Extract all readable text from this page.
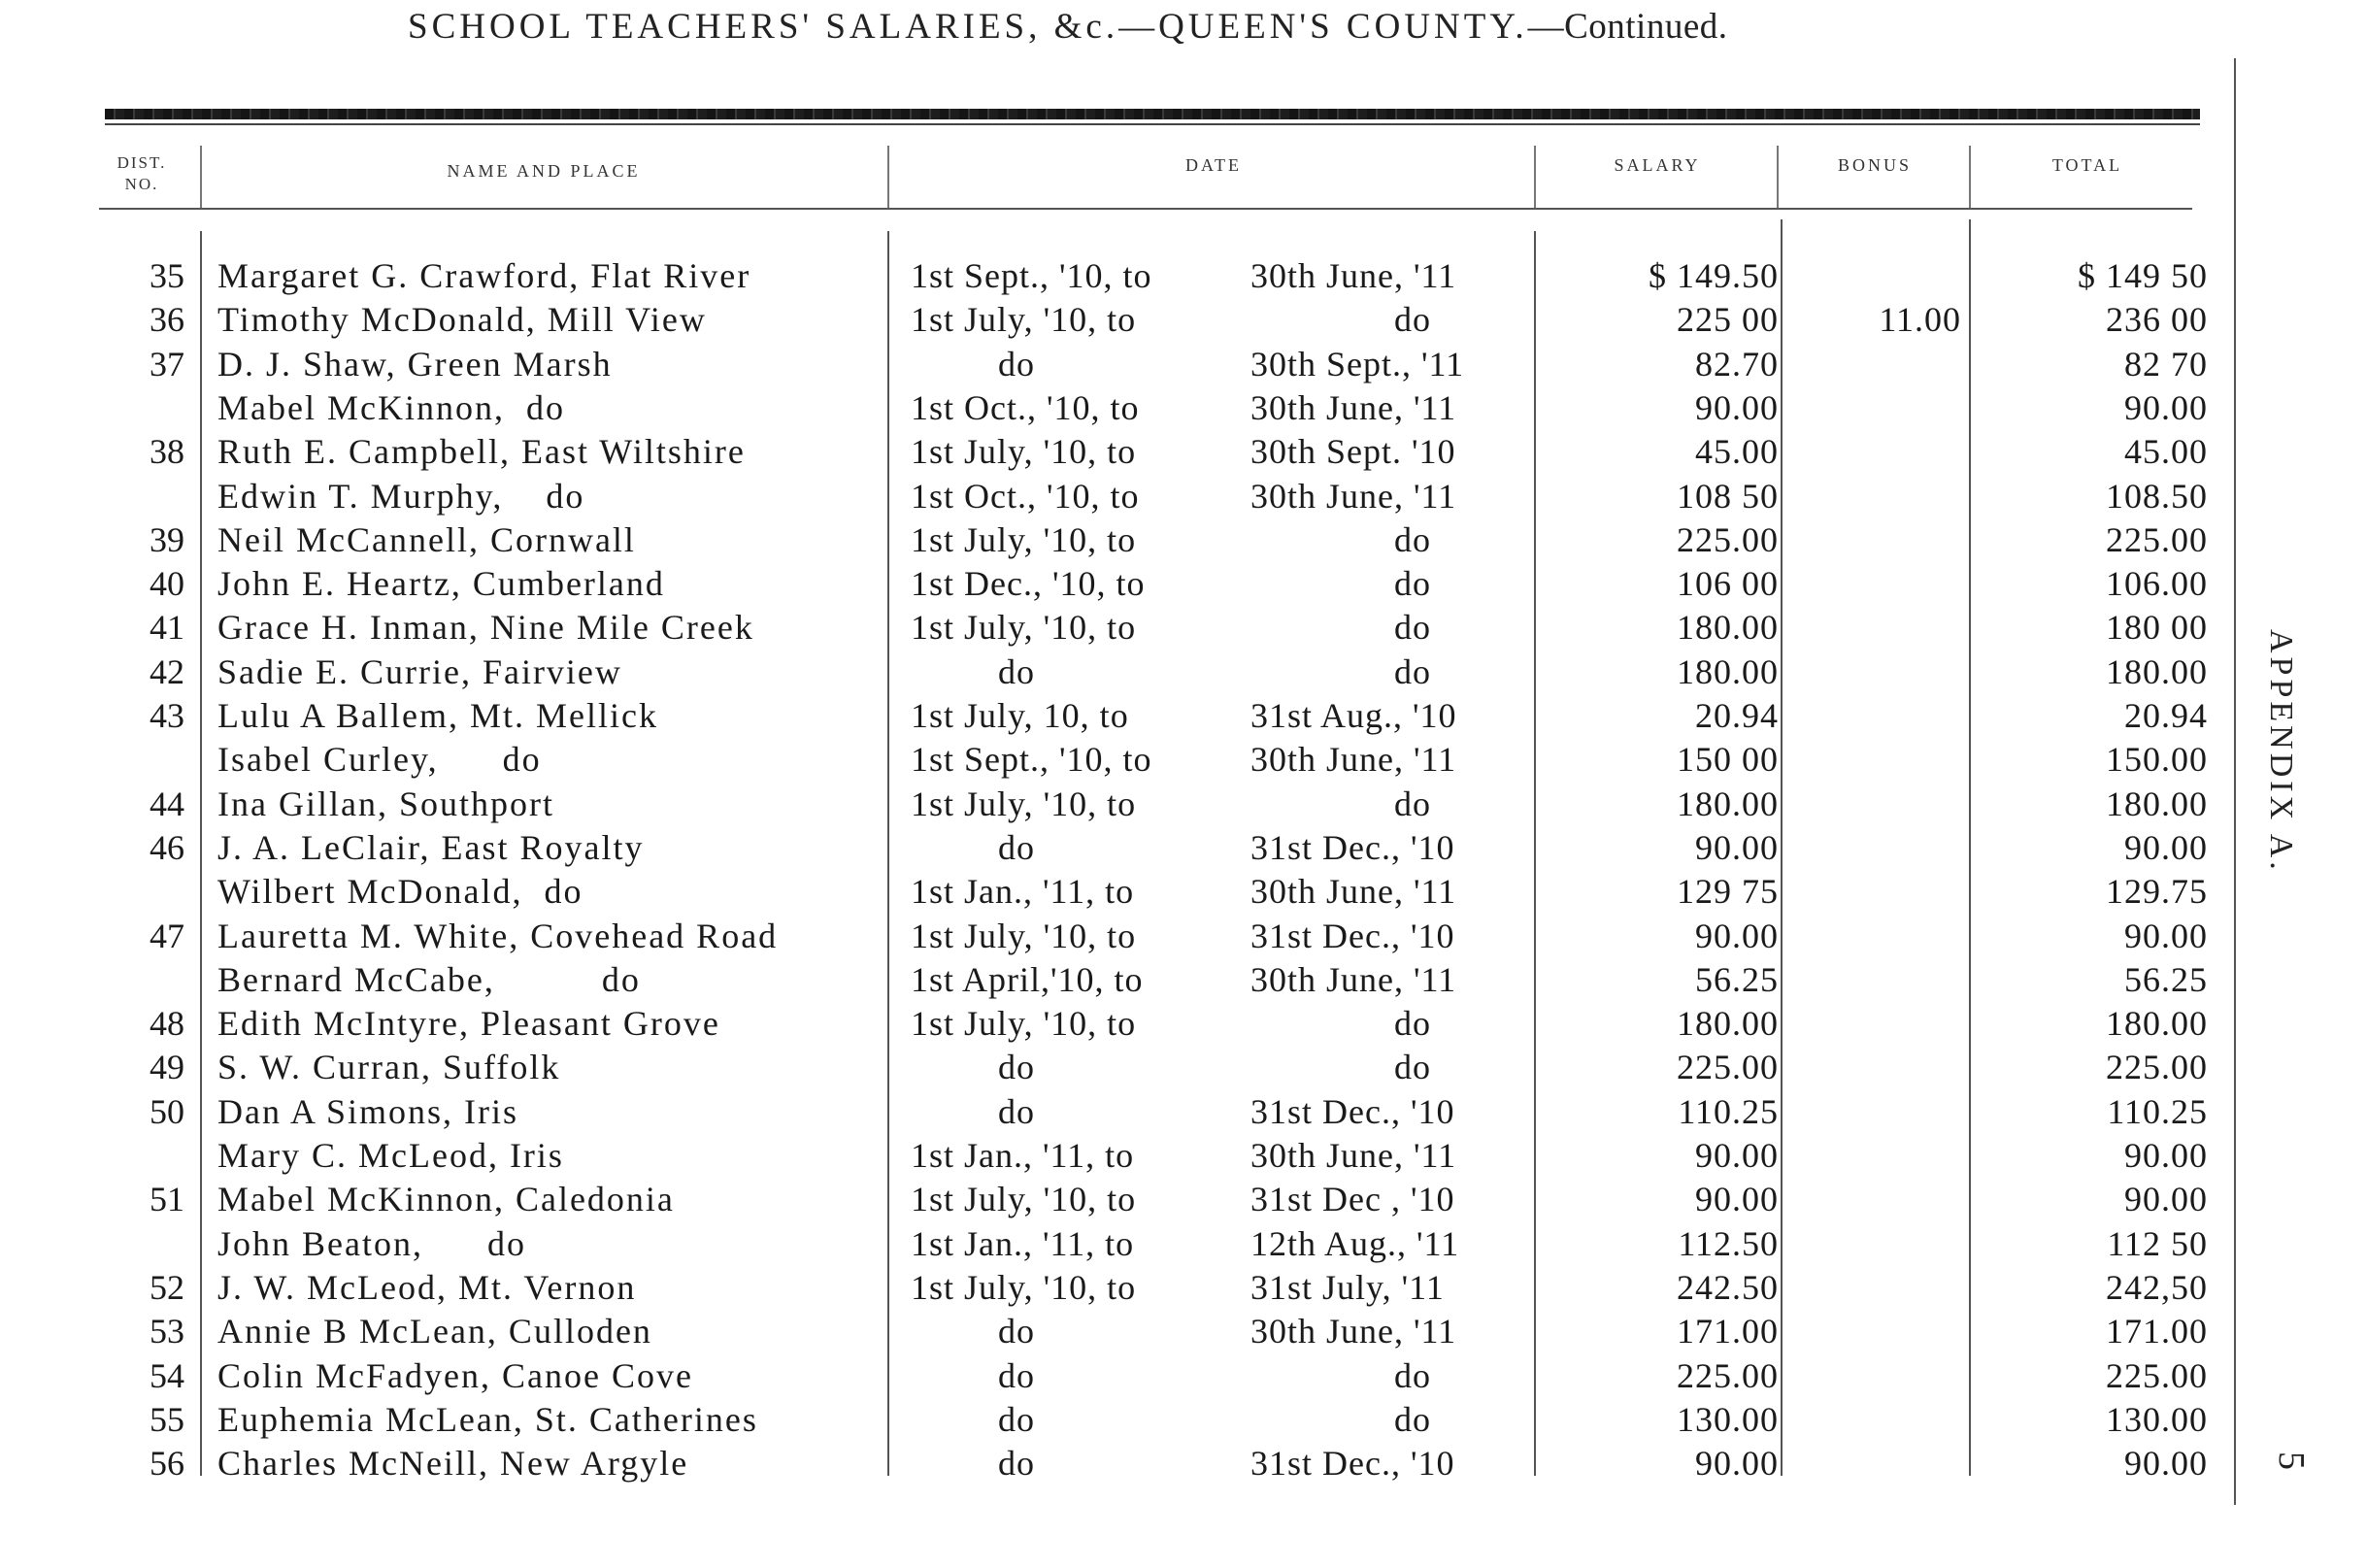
SCHOOL TEACHERS' SALARIES, &c.—QUEEN'S COUNTY.—Continued.
DIST.
NO.
NAME AND PLACE	DATE	SALARY	BONUS	TOTAL
35 Margaret G. Crawford, Flat River	1st Sept., '10, to	30th June, '11	$ 149.50	$ 149 50
36 Timothy McDonald, Mill View	1st July, '10, to	do	225 00	11.00	236 00
37 D. J. Shaw, Green Marsh	do	30th Sept., '11	82.70	82 70
Mabel McKinnon,  do	1st Oct., '10, to	30th June, '11	90.00	90.00
38 Ruth E. Campbell, East Wiltshire	1st July, '10, to	30th Sept. '10	45.00	45.00
Edwin T. Murphy,    do	1st Oct., '10, to	30th June, '11	108 50	108.50
39 Neil McCannell, Cornwall	1st July, '10, to	do	225.00	225.00
40 John E. Heartz, Cumberland	1st Dec., '10, to	do	106 00	106.00
41 Grace H. Inman, Nine Mile Creek	1st July, '10, to	do	180.00	180 00
42 Sadie E. Currie, Fairview	do	do	180.00	180.00
43 Lulu A Ballem, Mt. Mellick	1st July, 10, to	31st Aug., '10	20.94	20.94
Isabel Curley,      do	1st Sept., '10, to	30th June, '11	150 00	150.00
44 Ina Gillan, Southport	1st July, '10, to	do	180.00	180.00
46 J. A. LeClair, East Royalty	do	31st Dec., '10	90.00	90.00
Wilbert McDonald,  do	1st Jan., '11, to	30th June, '11	129 75	129.75
47 Lauretta M. White, Covehead Road	1st July, '10, to	31st Dec., '10	90.00	90.00
Bernard McCabe,          do	1st April,'10, to	30th June, '11	56.25	56.25
48 Edith McIntyre, Pleasant Grove	1st July, '10, to	do	180.00	180.00
49 S. W. Curran, Suffolk	do	do	225.00	225.00
50 Dan A Simons, Iris	do	31st Dec., '10	110.25	110.25
Mary C. McLeod, Iris	1st Jan., '11, to	30th June, '11	90.00	90.00
51 Mabel McKinnon, Caledonia	1st July, '10, to	31st Dec , '10	90.00	90.00
John Beaton,      do	1st Jan., '11, to	12th Aug., '11	112.50	112 50
52 J. W. McLeod, Mt. Vernon	1st July, '10, to	31st July, '11	242.50	242,50
53 Annie B McLean, Culloden	do	30th June, '11	171.00	171.00
54 Colin McFadyen, Canoe Cove	do	do	225.00	225.00
55 Euphemia McLean, St. Catherines	do	do	130.00	130.00
56 Charles McNeill, New Argyle	do	31st Dec., '10	90.00	90.00
APPENDIX A.
5
